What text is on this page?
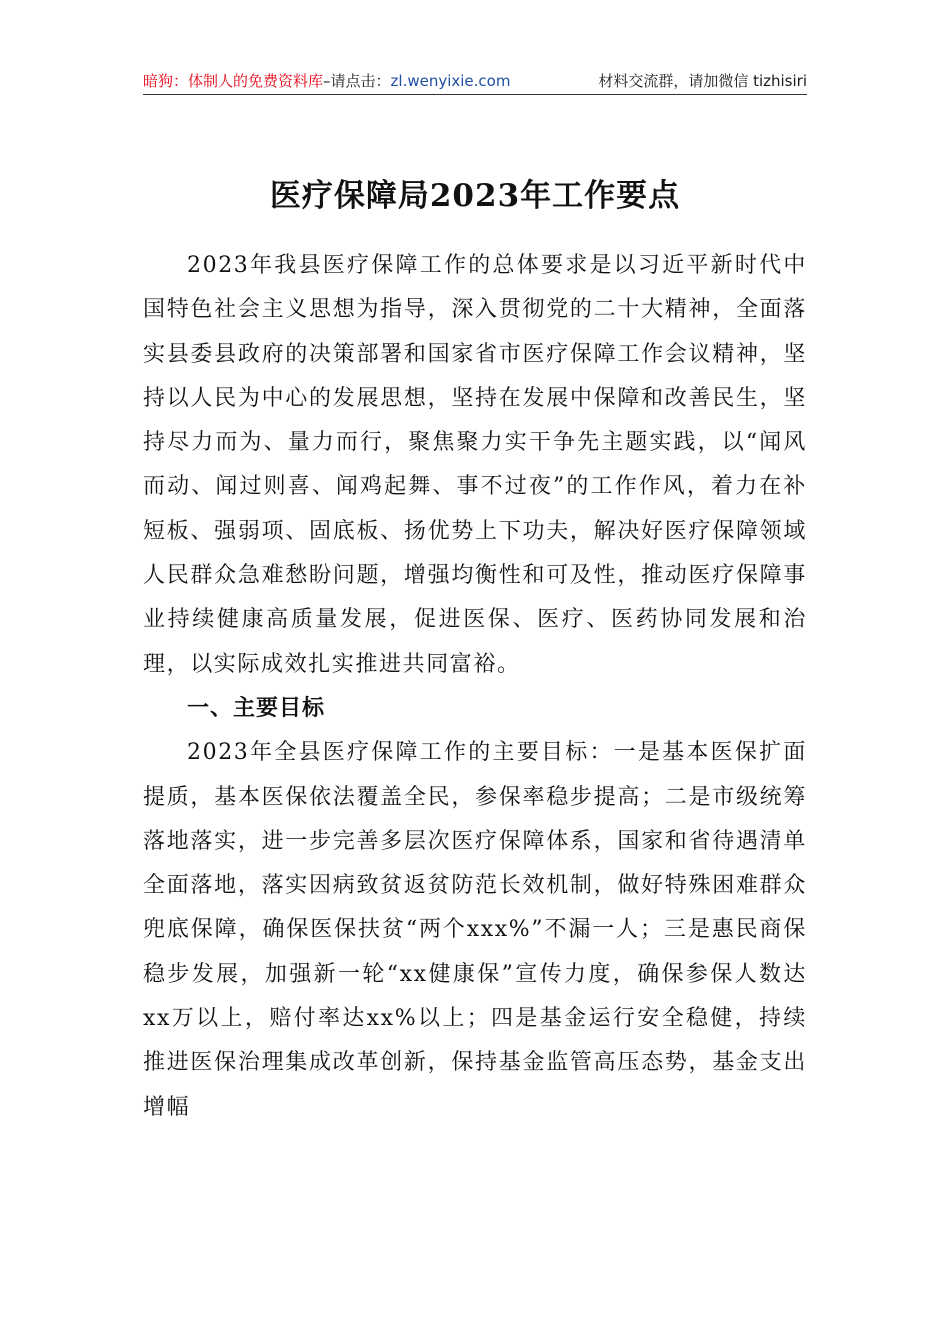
暗狗：体制人的免费资料库–请点击：zl.wenyixie.com	材料交流群，请加微信 tizhisiri
医疗保障局2023年工作要点

2023年我县医疗保障工作的总体要求是以习近平新时代中国特色社会主义思想为指导，深入贯彻党的二十大精神，全面落实县委县政府的决策部署和国家省市医疗保障工作会议精神，坚持以人民为中心的发展思想，坚持在发展中保障和改善民生，坚持尽力而为、量力而行，聚焦聚力实干争先主题实践，以“闻风而动、闻过则喜、闻鸡起舞、事不过夜”的工作作风，着力在补短板、强弱项、固底板、扬优势上下功夫，解决好医疗保障领域人民群众急难愁盼问题，增强均衡性和可及性，推动医疗保障事业持续健康高质量发展，促进医保、医疗、医药协同发展和治理，以实际成效扎实推进共同富裕。

一、主要目标

2023年全县医疗保障工作的主要目标：一是基本医保扩面提质，基本医保依法覆盖全民，参保率稳步提高；二是市级统筹落地落实，进一步完善多层次医疗保障体系，国家和省待遇清单全面落地，落实因病致贫返贫防范长效机制，做好特殊困难群众兜底保障，确保医保扶贫“两个xxx%”不漏一人；三是惠民商保稳步发展，加强新一轮“xx健康保”宣传力度，确保参保人数达xx万以上，赔付率达xx%以上；四是基金运行安全稳健，持续推进医保治理集成改革创新，保持基金监管高压态势，基金支出增幅
